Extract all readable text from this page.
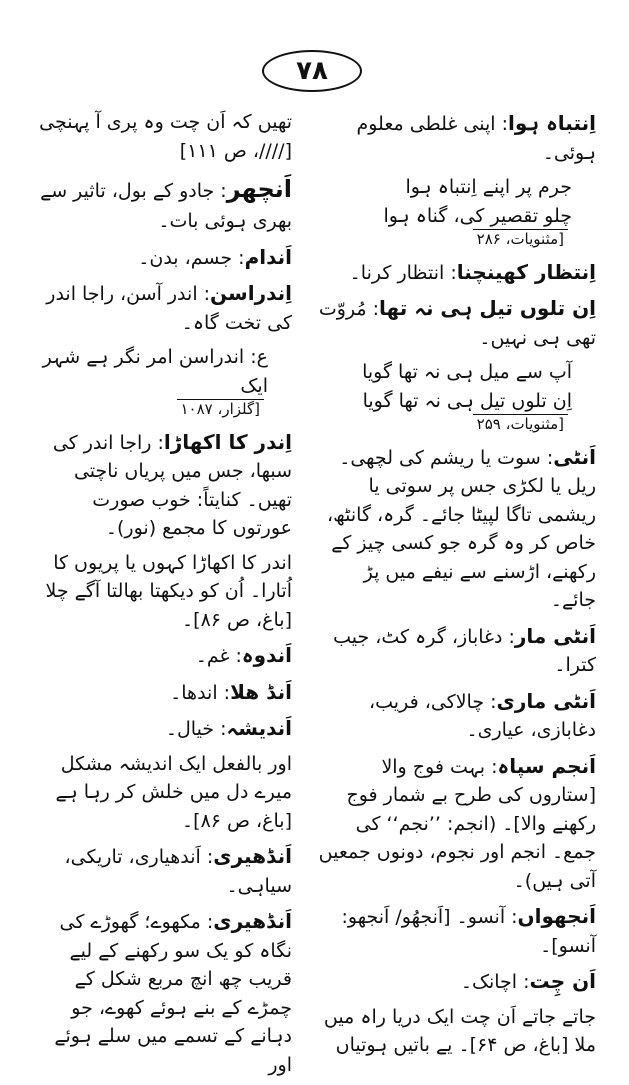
۷۸

اِنتباہ ہوا: اپنی غلطی معلوم ہوئی۔

جرم پر اپنے اِنتباہ ہوا
چلو تقصیر کی، گناہ ہوا
[مثنویات، ۲۸۶

اِنتظار کھینچنا: انتظار کرنا۔

اِن تلوں تیل ہی نہ تھا: مُروّت تھی ہی نہیں۔

آپ سے میل ہی نہ تھا گویا
اِن تلوں تیل ہی نہ تھا گویا
[مثنویات، ۲۵۹

اَنٹی: سوت یا ریشم کی لچھی۔ ریل یا لکڑی جس پر سوتی یا ریشمی تاگا لپیٹا جائے۔ گرہ، گانٹھ، خاص کر وہ گرہ جو کسی چیز کے رکھنے، اڑسنے سے نیفے میں پڑ جائے۔

اَنٹی مار: دغاباز، گرہ کٹ، جیب کترا۔

اَنٹی ماری: چالاکی، فریب، دغابازی، عیاری۔

اَنجم سپاہ: بہت فوج والا [ستاروں کی طرح بے شمار فوج رکھنے والا]۔ (انجم: ’’نجم‘‘ کی جمع۔ انجم اور نجوم، دونوں جمعیں آتی ہیں)۔

اَنجھواں: آنسو۔ [اَنجھُو/ اَنجھو: آنسو]۔

اَن چِت: اچانک۔

جاتے جاتے اَن چت ایک دریا راہ میں ملا [باغ، ص ۶۴]۔ یے باتیں ہوتیاں

تھیں کہ اَن چت وہ پری آ پہنچی [////، ص ۱۱۱]

اَنچھر: جادو کے بول، تاثیر سے بھری ہوئی بات۔

اَندام: جسم، بدن۔

اِندراسن: اندر آسن، راجا اندر کی تخت گاہ۔

ع: اندراسن امر نگر ہے شہر ایک
[گلزار، ۱۰۸۷

اِندر کا اکھاڑا: راجا اندر کی سبھا، جس میں پریاں ناچتی تھیں۔ کنایتاً: خوب صورت عورتوں کا مجمع (نور)۔

اندر کا اکھاڑا کہوں یا پریوں کا اُتارا۔ اُن کو دیکھتا بھالتا آگے چلا [باغ، ص ۸۶]۔

اَندوہ: غم۔

اَنڈ ھلا: اندھا۔

اَندیشہ: خیال۔

اور بالفعل ایک اندیشہ مشکل میرے دل میں خلش کر رہا ہے [باغ، ص ۸۶]۔

اَنڈھیری: اَندھیاری، تاریکی، سیاہی۔

اَنڈھیری: مکھوے؛ گھوڑے کی نگاہ کو یک سو رکھنے کے لیے قریب چھ انچ مربع شکل کے چمڑے کے بنے ہوئے کھوے، جو دہانے کے تسمے میں سلے ہوئے اور
